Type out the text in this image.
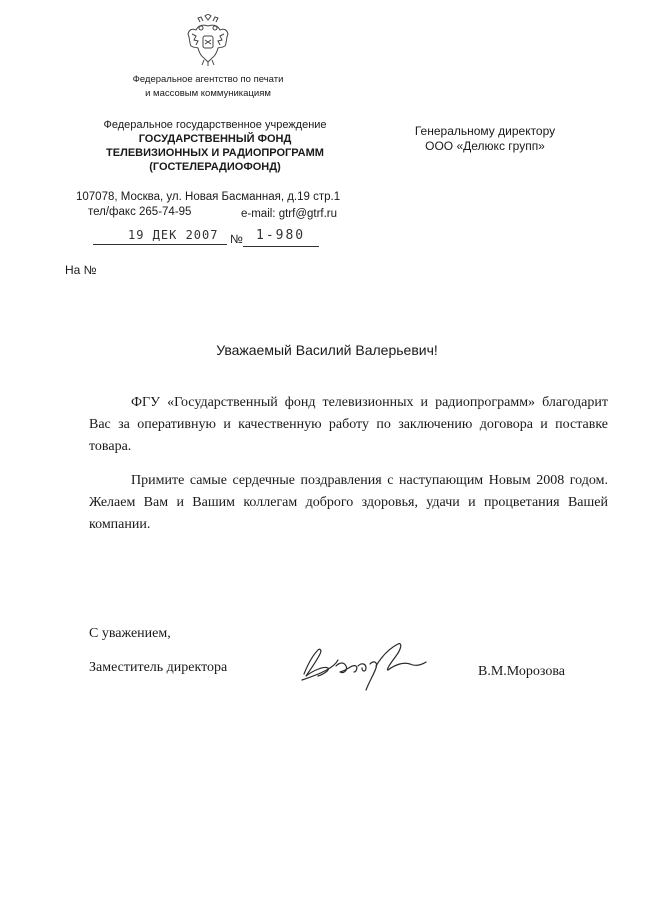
Федеральное агентство по печати
и массовым коммуникациям
Федеральное государственное учреждение
ГОСУДАРСТВЕННЫЙ ФОНД
ТЕЛЕВИЗИОННЫХ И РАДИОПРОГРАММ
(ГОСТЕЛЕРАДИОФОНД)
Генеральному директору
ООО «Делюкс групп»
107078, Москва, ул. Новая Басманная, д.19 стр.1
тел/факс 265-74-95	e-mail: gtrf@gtrf.ru
19 ДЕК 2007 № 1-980
На №
Уважаемый Василий Валерьевич!
ФГУ «Государственный фонд телевизионных и радиопрограмм» благодарит Вас за оперативную и качественную работу по заключению договора и поставке товара.
Примите самые сердечные поздравления с наступающим Новым 2008 годом. Желаем Вам и Вашим коллегам доброго здоровья, удачи и процветания Вашей компании.
С уважением,
Заместитель директора	В.М.Морозова
